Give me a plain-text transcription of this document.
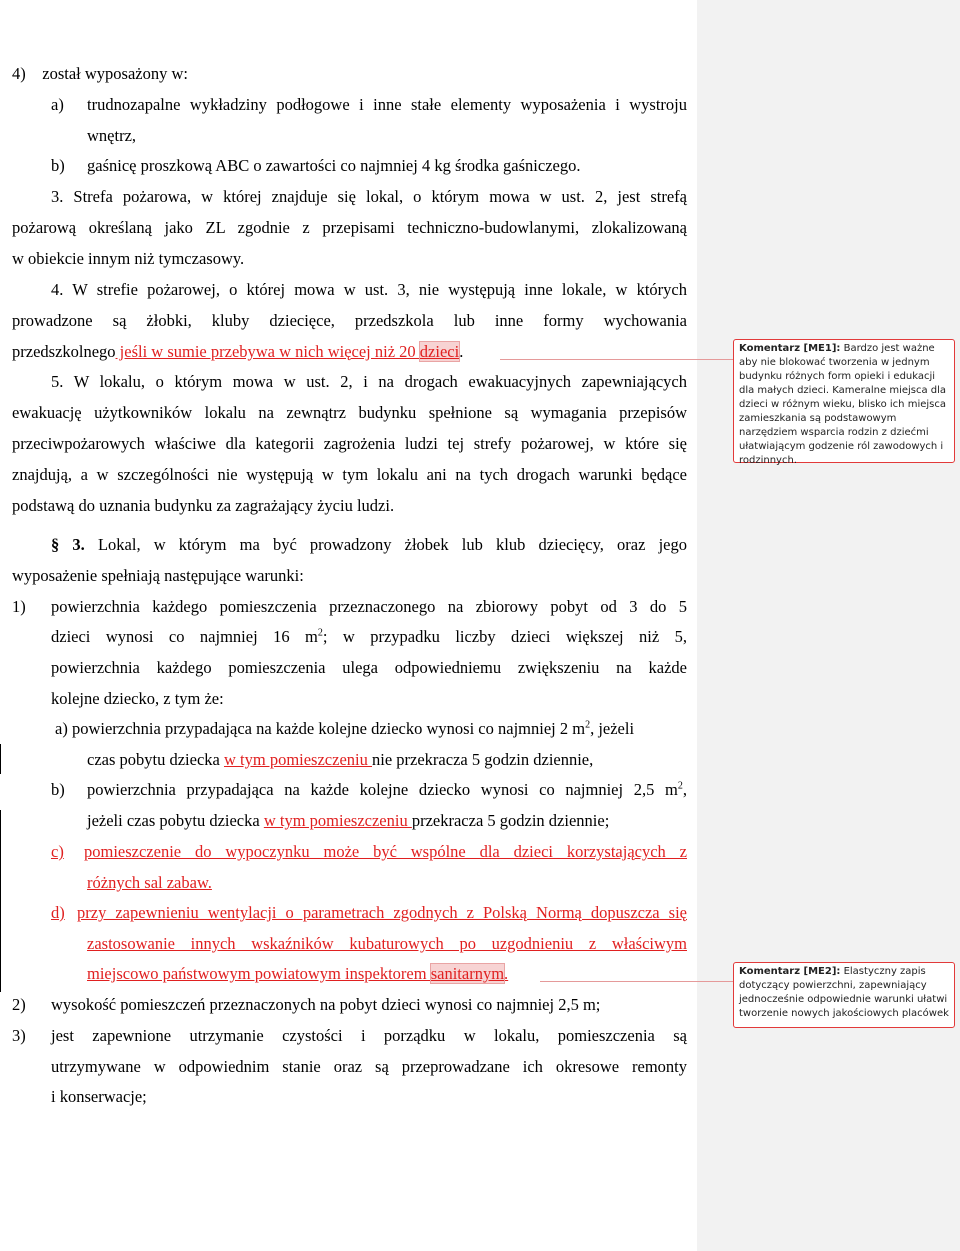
4)    został wyposażony w:
a) trudnozapalne wykładziny podłogowe i inne stałe elementy wyposażenia i wystroju
wnętrz,
b) gaśnicę proszkową ABC o zawartości co najmniej 4 kg środka gaśniczego.
3. Strefa pożarowa, w której znajduje się lokal, o którym mowa w ust. 2, jest strefą
pożarową określaną jako ZL zgodnie z przepisami techniczno-budowlanymi, zlokalizowaną
w obiekcie innym niż tymczasowy.
4. W strefie pożarowej, o której mowa w ust. 3, nie występują inne lokale, w których
prowadzone są żłobki, kluby dziecięce, przedszkola lub inne formy wychowania
przedszkolnego jeśli w sumie przebywa w nich więcej niż 20 dzieci.
5. W lokalu, o którym mowa w ust. 2, i na drogach ewakuacyjnych zapewniających
ewakuację użytkowników lokalu na zewnątrz budynku spełnione są wymagania przepisów
przeciwpożarowych właściwe dla kategorii zagrożenia ludzi tej strefy pożarowej, w które się
znajdują, a w szczególności nie występują w tym lokalu ani na tych drogach warunki będące
podstawą do uznania budynku za zagrażający życiu ludzi.
§ 3. Lokal, w którym ma być prowadzony żłobek lub klub dziecięcy, oraz jego
wyposażenie spełniają następujące warunki:
1) powierzchnia każdego pomieszczenia przeznaczonego na zbiorowy pobyt od 3 do 5
dzieci wynosi co najmniej 16 $m^2$; w przypadku liczby dzieci większej niż 5,
powierzchnia każdego pomieszczenia ulega odpowiedniemu zwiększeniu na każde
kolejne dziecko, z tym że:
a) powierzchnia przypadająca na każde kolejne dziecko wynosi co najmniej 2 $m^2$, jeżeli
czas pobytu dziecka w tym pomieszczeniu nie przekracza 5 godzin dziennie,
b) powierzchnia przypadająca na każde kolejne dziecko wynosi co najmniej 2,5 $m^2$,
jeżeli czas pobytu dziecka w tym pomieszczeniu przekracza 5 godzin dziennie;
c) pomieszczenie do wypoczynku może być wspólne dla dzieci korzystających z
różnych sal zabaw.
d) przy zapewnieniu wentylacji o parametrach zgodnych z Polską Normą dopuszcza się
zastosowanie innych wskaźników kubaturowych po uzgodnieniu z właściwym
miejscowo państwowym powiatowym inspektorem sanitarnym.
2) wysokość pomieszczeń przeznaczonych na pobyt dzieci wynosi co najmniej 2,5 m;
3) jest zapewnione utrzymanie czystości i porządku w lokalu, pomieszczenia są
utrzymywane w odpowiednim stanie oraz są przeprowadzane ich okresowe remonty
i konserwacje;
Komentarz [ME1]: Bardzo jest ważne aby nie blokować tworzenia w jednym budynku różnych form opieki i edukacji dla małych dzieci. Kameralne miejsca dla dzieci w różnym wieku, blisko ich miejsca zamieszkania są podstawowym narzędziem wsparcia rodzin z dziećmi ułatwiającym godzenie ról zawodowych i rodzinnych.
Komentarz [ME2]: Elastyczny zapis dotyczący powierzchni, zapewniający jednocześnie odpowiednie warunki ułatwi tworzenie nowych jakościowych placówek
